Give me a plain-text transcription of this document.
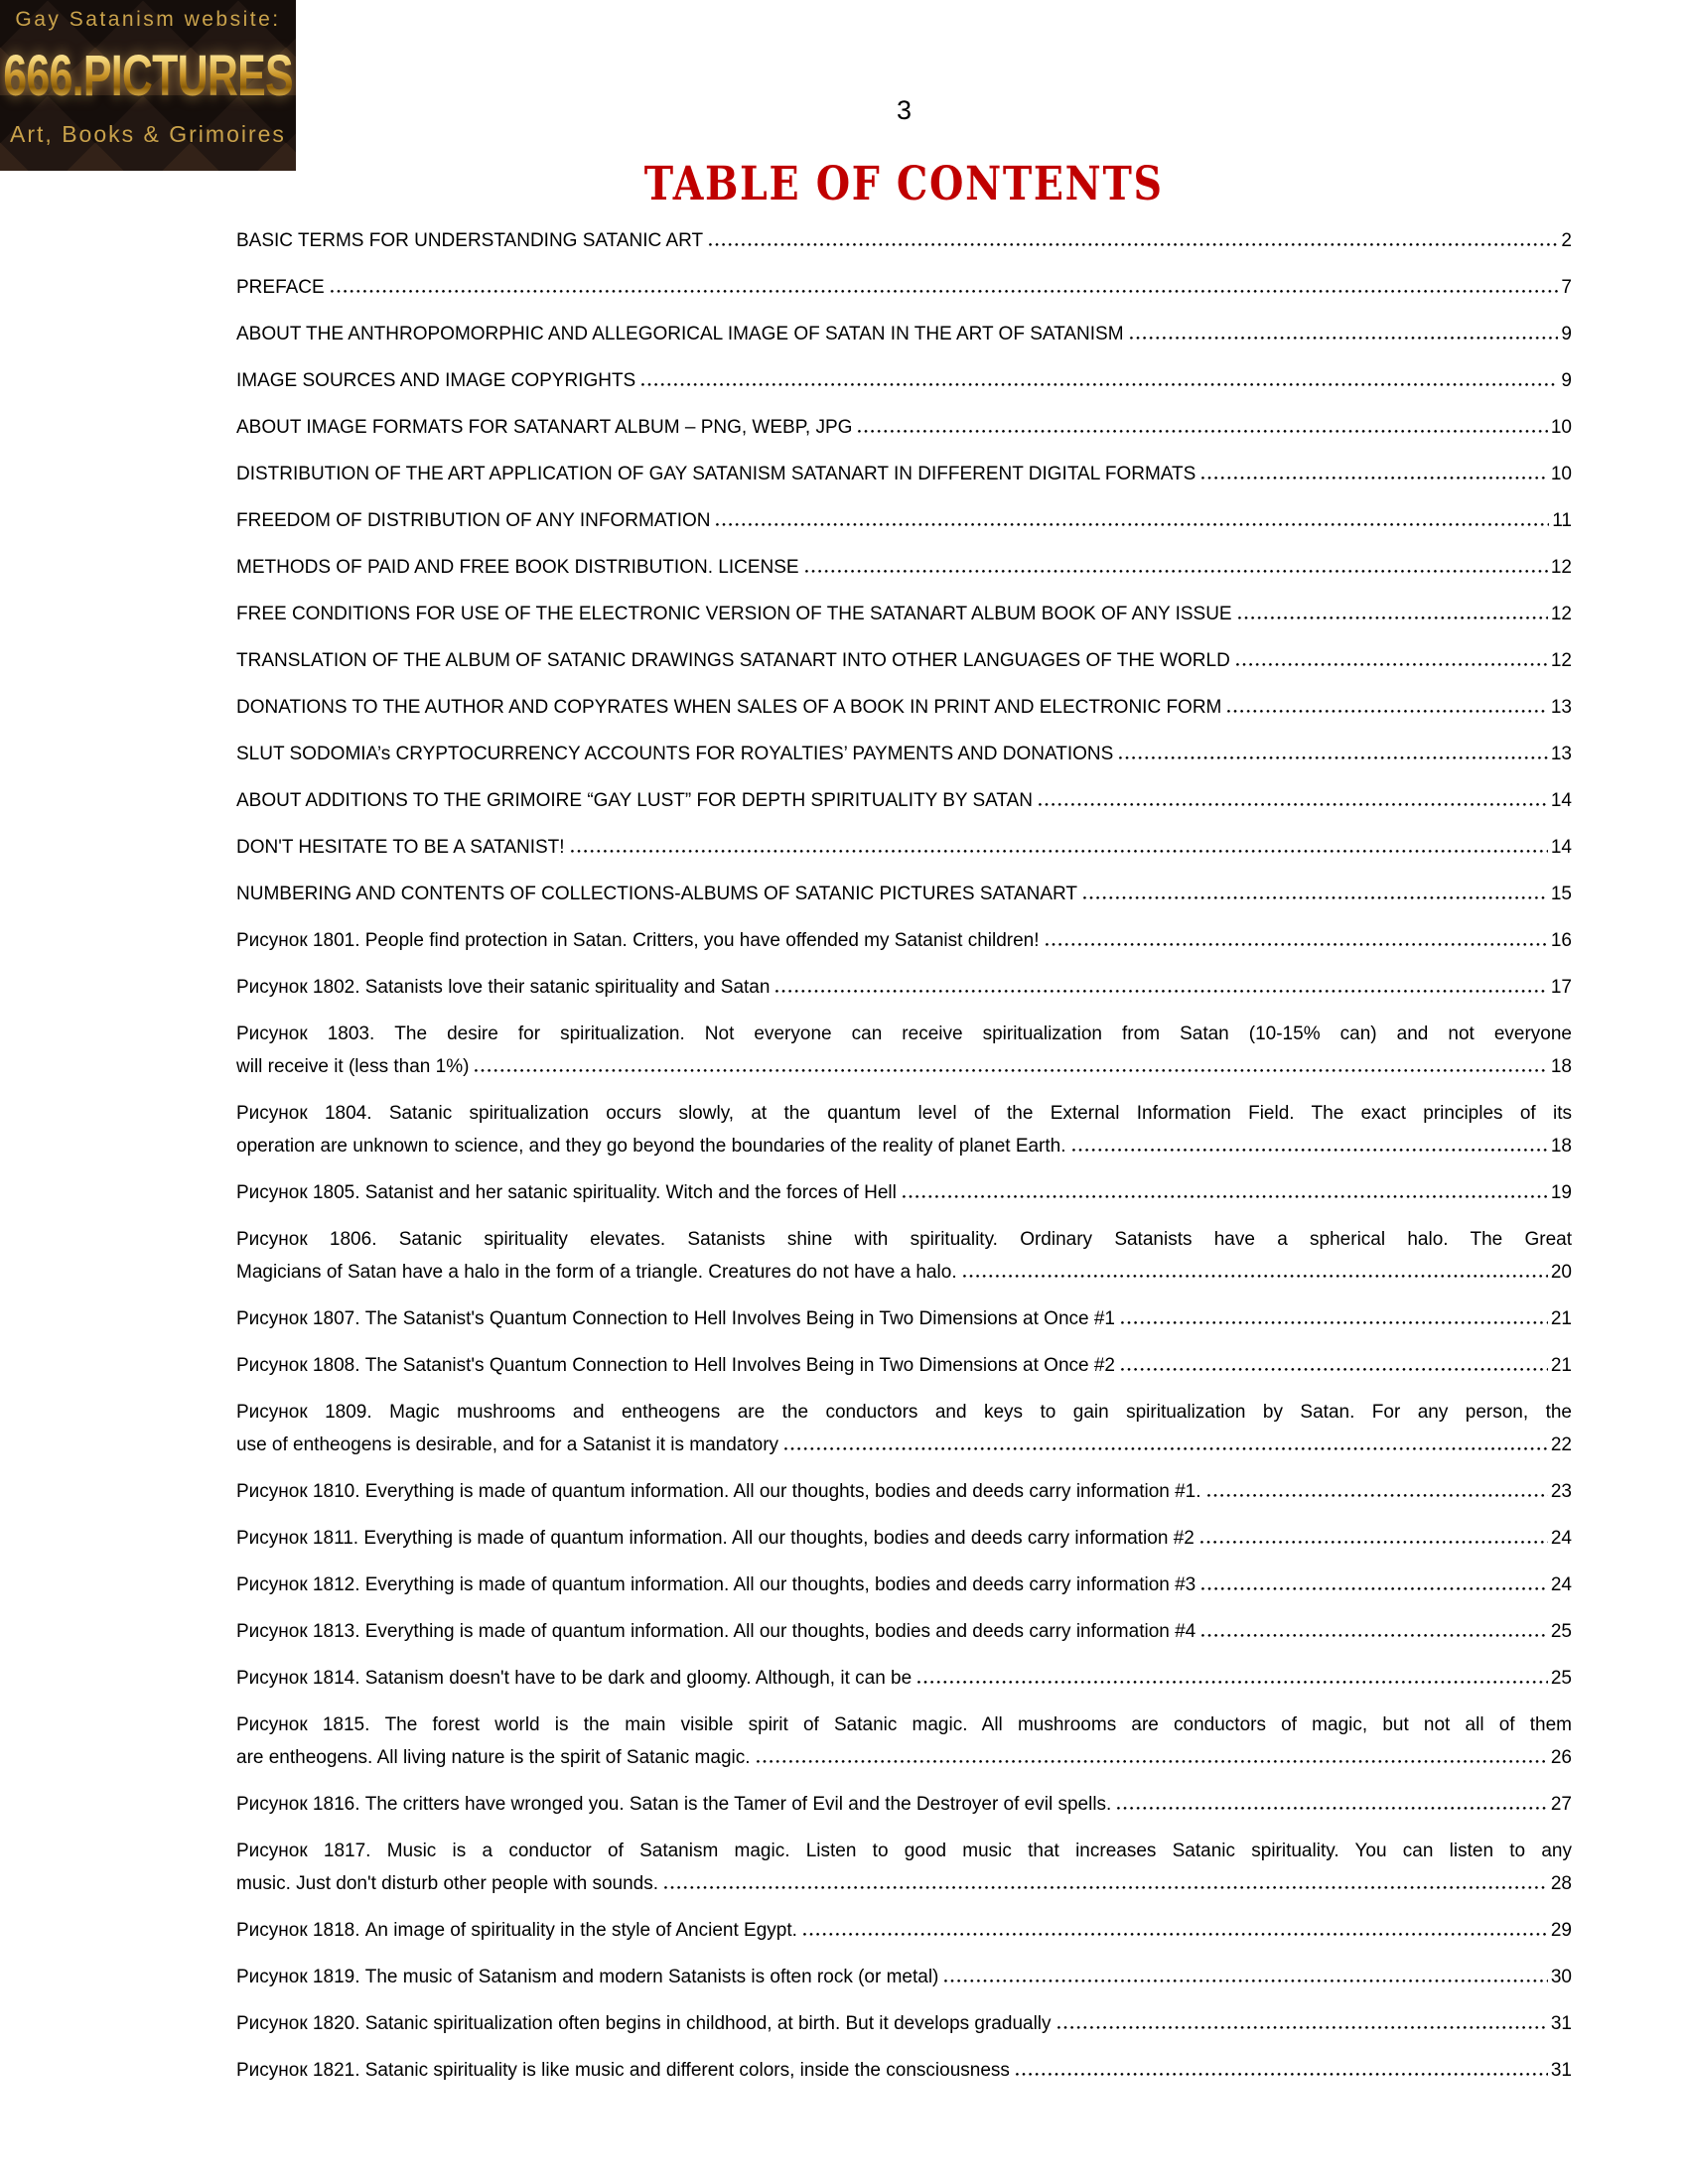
Gay Satanism website:
666.PICTURES
Art, Books & Grimoires
3
TABLE OF CONTENTS
BASIC TERMS FOR UNDERSTANDING SATANIC ART	2
PREFACE	7
ABOUT THE ANTHROPOMORPHIC AND ALLEGORICAL IMAGE OF SATAN IN THE ART OF SATANISM	9
IMAGE SOURCES AND IMAGE COPYRIGHTS	9
ABOUT IMAGE FORMATS FOR SATANART ALBUM – PNG, WEBP, JPG	10
DISTRIBUTION OF THE ART APPLICATION OF GAY SATANISM SATANART IN DIFFERENT DIGITAL FORMATS	10
FREEDOM OF DISTRIBUTION OF ANY INFORMATION	11
METHODS OF PAID AND FREE BOOK DISTRIBUTION. LICENSE	12
FREE CONDITIONS FOR USE OF THE ELECTRONIC VERSION OF THE SATANART ALBUM BOOK OF ANY ISSUE	12
TRANSLATION OF THE ALBUM OF SATANIC DRAWINGS SATANART INTO OTHER LANGUAGES OF THE WORLD	12
DONATIONS TO THE AUTHOR AND COPYRATES WHEN SALES OF A BOOK IN PRINT AND ELECTRONIC FORM	13
SLUT SODOMIA’s CRYPTOCURRENCY ACCOUNTS FOR ROYALTIES’ PAYMENTS AND DONATIONS	13
ABOUT ADDITIONS TO THE GRIMOIRE “GAY LUST” FOR DEPTH SPIRITUALITY BY SATAN	14
DON'T HESITATE TO BE A SATANIST!	14
NUMBERING AND CONTENTS OF COLLECTIONS-ALBUMS OF SATANIC PICTURES SATANART	15
Рисунок 1801. People find protection in Satan. Critters, you have offended my Satanist children!	16
Рисунок 1802. Satanists love their satanic spirituality and Satan	17
Рисунок 1803. The desire for spiritualization. Not everyone can receive spiritualization from Satan (10-15% can) and not everyone
will receive it (less than 1%)	18
Рисунок 1804. Satanic spiritualization occurs slowly, at the quantum level of the External Information Field. The exact principles of its
operation are unknown to science, and they go beyond the boundaries of the reality of planet Earth.	18
Рисунок 1805. Satanist and her satanic spirituality. Witch and the forces of Hell	19
Рисунок 1806. Satanic spirituality elevates. Satanists shine with spirituality. Ordinary Satanists have a spherical halo. The Great
Magicians of Satan have a halo in the form of a triangle. Creatures do not have a halo.	20
Рисунок 1807. The Satanist's Quantum Connection to Hell Involves Being in Two Dimensions at Once #1	21
Рисунок 1808. The Satanist's Quantum Connection to Hell Involves Being in Two Dimensions at Once #2	21
Рисунок 1809. Magic mushrooms and entheogens are the conductors and keys to gain spiritualization by Satan. For any person, the
use of entheogens is desirable, and for a Satanist it is mandatory	22
Рисунок 1810. Everything is made of quantum information. All our thoughts, bodies and deeds carry information #1.	23
Рисунок 1811. Everything is made of quantum information. All our thoughts, bodies and deeds carry information #2	24
Рисунок 1812. Everything is made of quantum information. All our thoughts, bodies and deeds carry information #3	24
Рисунок 1813. Everything is made of quantum information. All our thoughts, bodies and deeds carry information #4	25
Рисунок 1814. Satanism doesn't have to be dark and gloomy. Although, it can be	25
Рисунок 1815. The forest world is the main visible spirit of Satanic magic. All mushrooms are conductors of magic, but not all of them
are entheogens. All living nature is the spirit of Satanic magic.	26
Рисунок 1816. The critters have wronged you. Satan is the Tamer of Evil and the Destroyer of evil spells.	27
Рисунок 1817. Music is a conductor of Satanism magic. Listen to good music that increases Satanic spirituality. You can listen to any
music. Just don't disturb other people with sounds.	28
Рисунок 1818. An image of spirituality in the style of Ancient Egypt.	29
Рисунок 1819. The music of Satanism and modern Satanists is often rock (or metal)	30
Рисунок 1820. Satanic spiritualization often begins in childhood, at birth. But it develops gradually	31
Рисунок 1821. Satanic spirituality is like music and different colors, inside the consciousness	31
